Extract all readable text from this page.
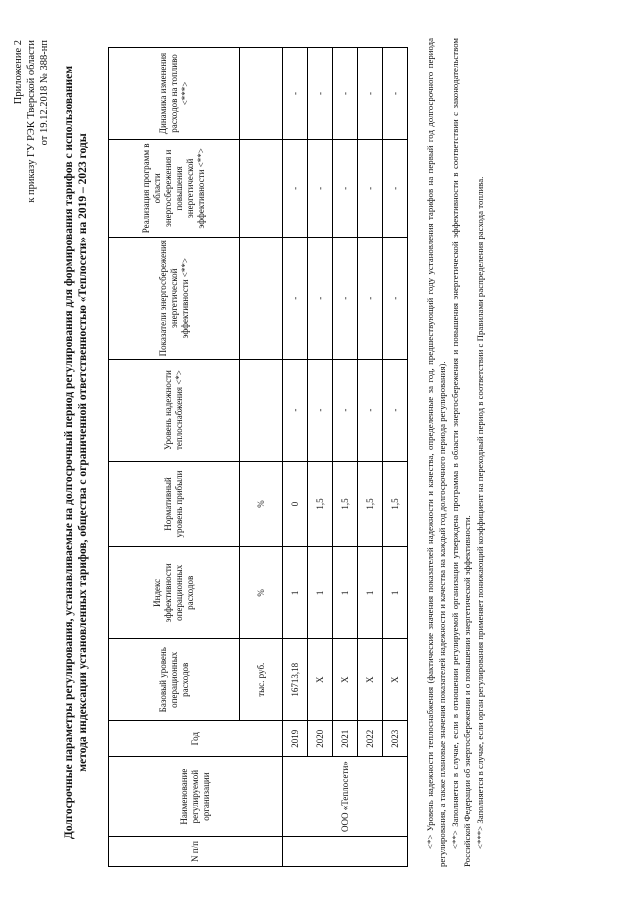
Приложение 2 к приказу ГУ РЭК Тверской области от 19.12.2018 № 388-нп Долгосрочные параметры регулирования, устанавливаемые на долгосрочный период регулирования для формирования тарифов с использованием метода индексации установленных тарифов, общества с ограниченной ответственностью «Теплосети» на 2019 – 2023 годы
N п/п	Наименование регулируемой организации	Год	Базовый уровень операционных расходов	Индекс эффективности операционных расходов	Нормативный уровень прибыли	Уровень надежности теплоснабжения <*>	Показатели энергосбережения энергетической эффективности <**>	Реализация программ в области энергосбережения и повышения энергетической эффективности <**>	Динамика изменения расходов на топливо <***>
			тыс. руб.	%	%				
	ООО «Теплосети»	2019	16713,18	1	0	-	-	-	-
		2020	Х	1	1,5	-	-	-	-
		2021	Х	1	1,5	-	-	-	-
		2022	Х	1	1,5	-	-	-	-
		2023	Х	1	1,5	-	-	-	-	<*> Уровень надежности теплоснабжения (фактические значения показателей надежности и качества, определенные за год, предшествующий году установления тарифов на первый год долгосрочного периода регулирования, а также плановые значения показателей надежности и качества на каждый год долгосрочного периода регулирования). <**> Заполняется в случае, если в отношении регулируемой организации утверждена программа в области энергосбережения и повышения энергетической эффективности в соответствии с законодательством Российской Федерации об энергосбережении и о повышении энергетической эффективности. <***> Заполняется в случае, если орган регулирования применяет понижающий коэффициент на переходный период в соответствии с Правилами распределения расхода топлива.
